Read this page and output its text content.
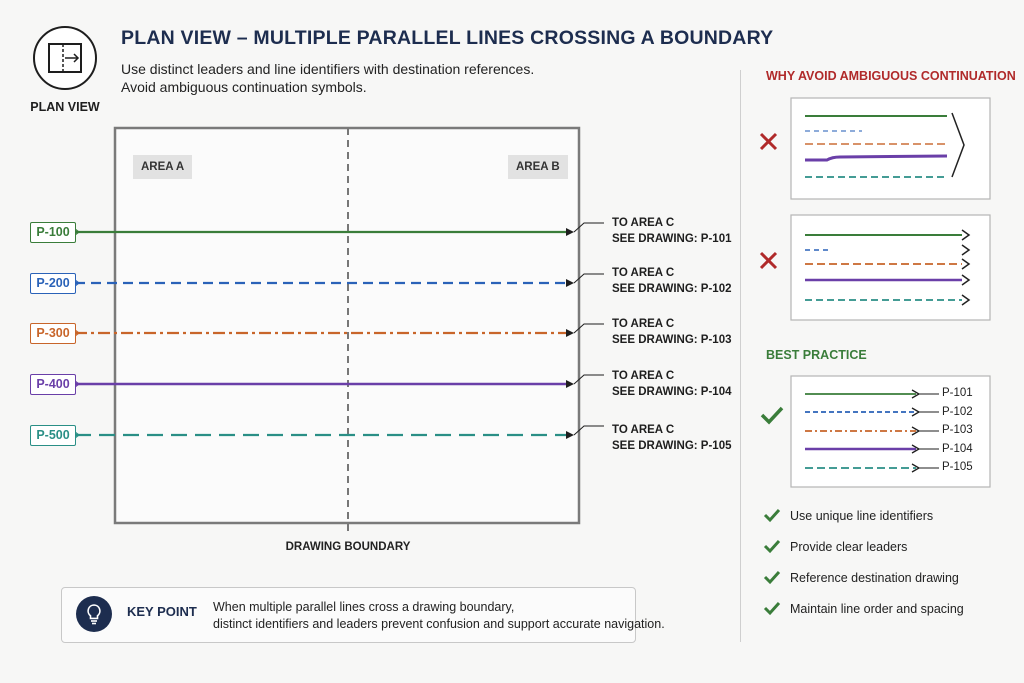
PLAN VIEW
PLAN VIEW – MULTIPLE PARALLEL LINES CROSSING A BOUNDARY
Use distinct leaders and line identifiers with destination references.
Avoid ambiguous continuation symbols.
AREA A	AREA B
DRAWING BOUNDARY
P-100
P-200
P-300
P-400
P-500
TO AREA C
SEE DRAWING: P-101
TO AREA C
SEE DRAWING: P-102
TO AREA C
SEE DRAWING: P-103
TO AREA C
SEE DRAWING: P-104
TO AREA C
SEE DRAWING: P-105
KEY POINT When multiple parallel lines cross a drawing boundary,
distinct identifiers and leaders prevent confusion and support accurate navigation.
WHY AVOID AMBIGUOUS CONTINUATION
BEST PRACTICE
P-101
P-102
P-103
P-104
P-105
Use unique line identifiers
Provide clear leaders
Reference destination drawing
Maintain line order and spacing
